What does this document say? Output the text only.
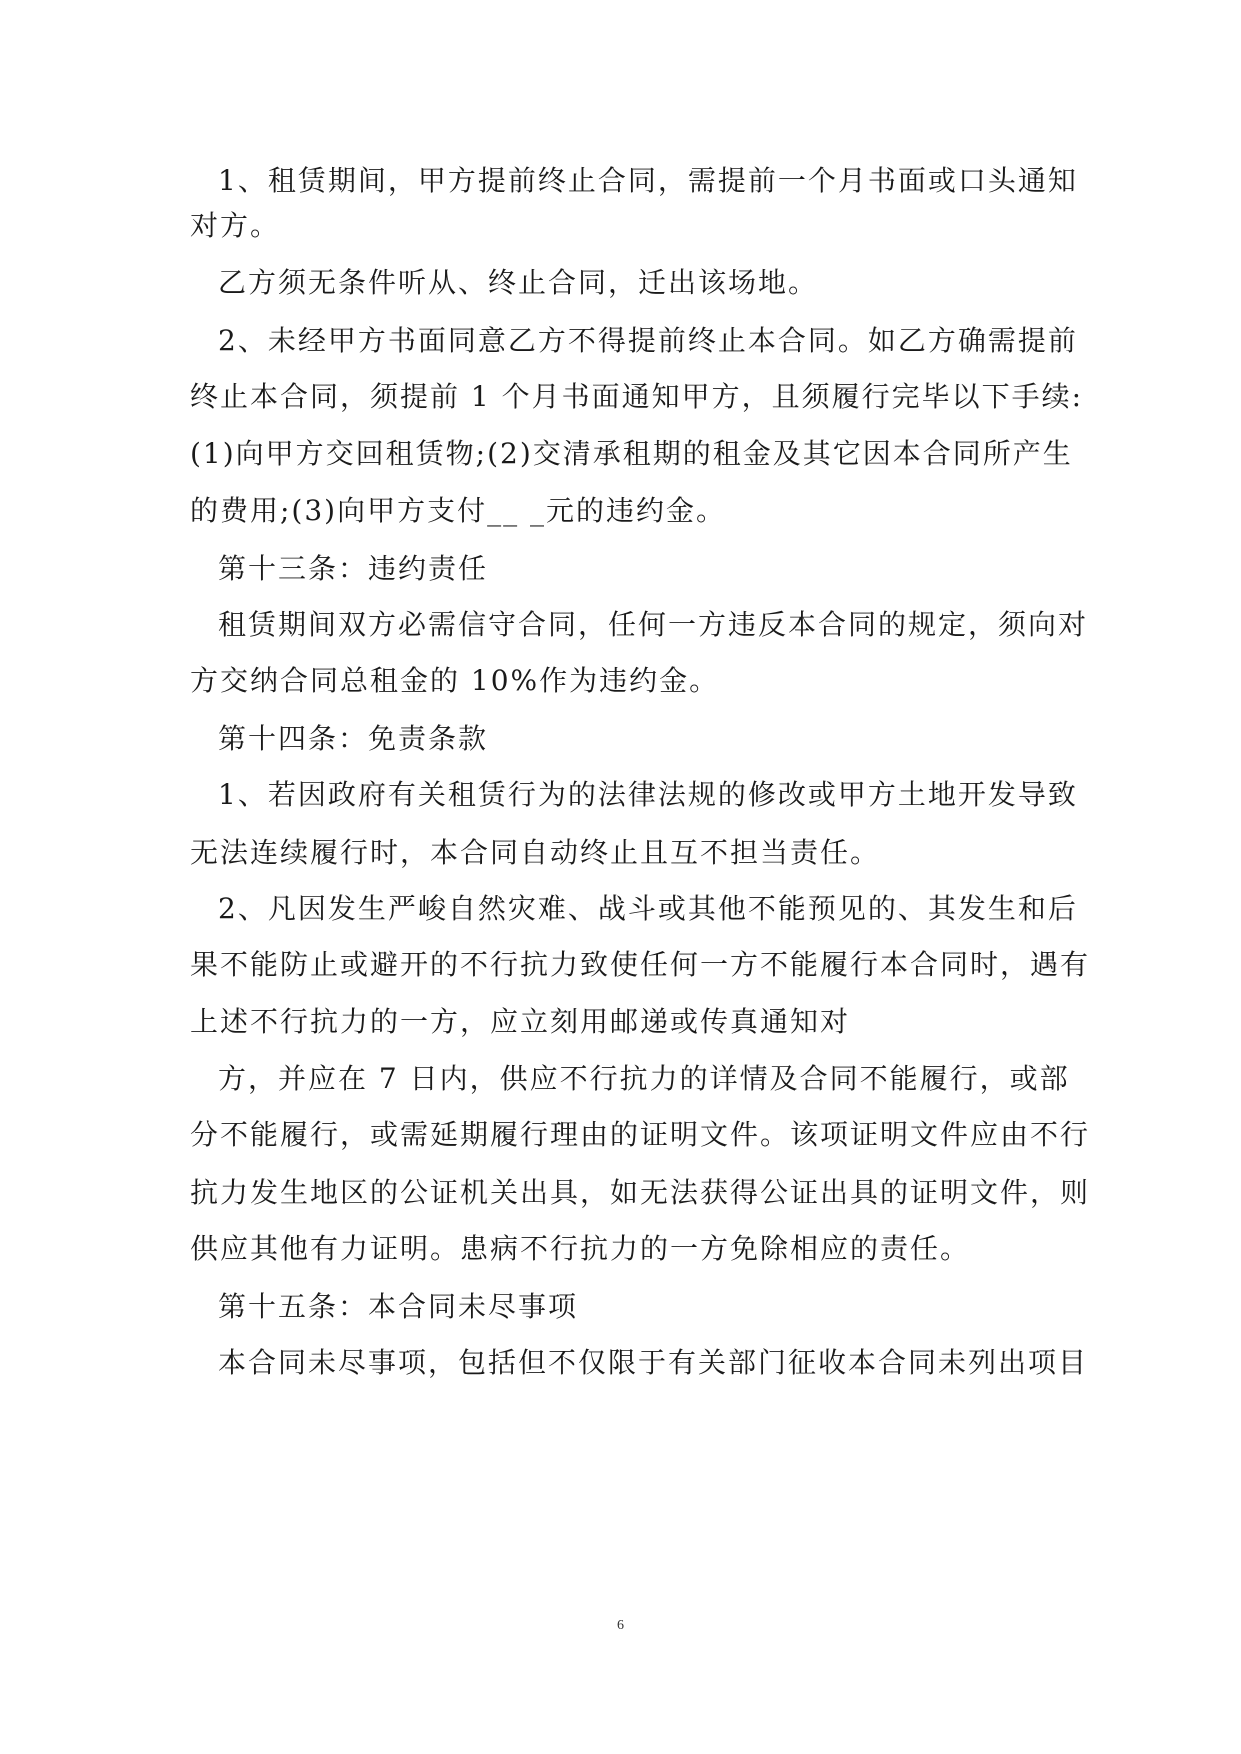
1、租赁期间，甲方提前终止合同，需提前一个月书面或口头通知
对方。
乙方须无条件听从、终止合同，迁出该场地。
2、未经甲方书面同意乙方不得提前终止本合同。如乙方确需提前
终止本合同，须提前 1 个月书面通知甲方，且须履行完毕以下手续:
(1)向甲方交回租赁物;(2)交清承租期的租金及其它因本合同所产生
的费用;(3)向甲方支付__ _元的违约金。
第十三条：违约责任
租赁期间双方必需信守合同，任何一方违反本合同的规定，须向对
方交纳合同总租金的 10%作为违约金。
第十四条：免责条款
1、若因政府有关租赁行为的法律法规的修改或甲方土地开发导致
无法连续履行时，本合同自动终止且互不担当责任。
2、凡因发生严峻自然灾难、战斗或其他不能预见的、其发生和后
果不能防止或避开的不行抗力致使任何一方不能履行本合同时，遇有
上述不行抗力的一方，应立刻用邮递或传真通知对
方，并应在 7 日内，供应不行抗力的详情及合同不能履行，或部
分不能履行，或需延期履行理由的证明文件。该项证明文件应由不行
抗力发生地区的公证机关出具，如无法获得公证出具的证明文件，则
供应其他有力证明。患病不行抗力的一方免除相应的责任。
第十五条：本合同未尽事项
本合同未尽事项，包括但不仅限于有关部门征收本合同未列出项目
6
